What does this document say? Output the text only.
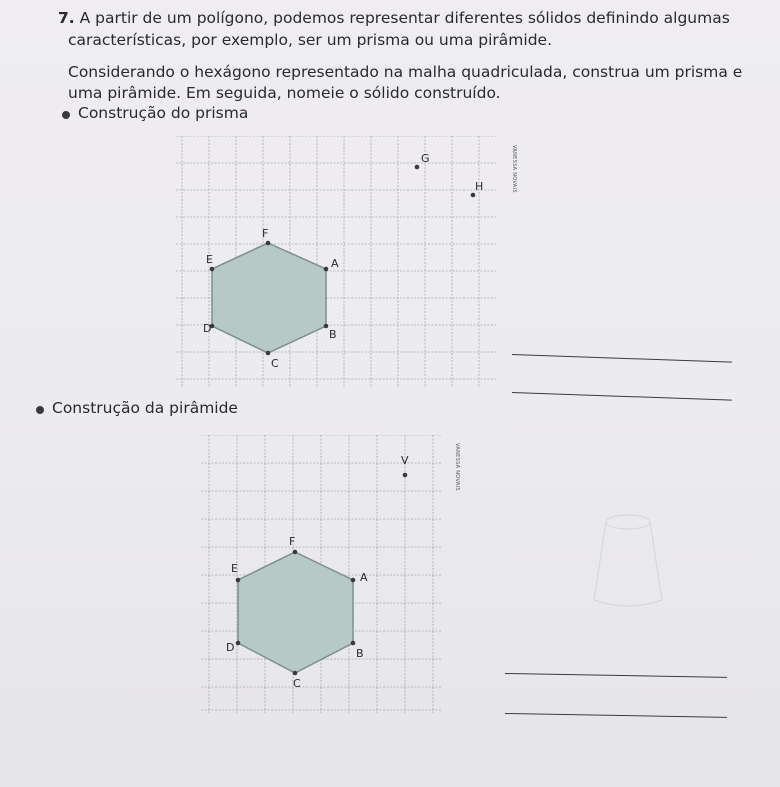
7. A partir de um polígono, podemos representar diferentes sólidos definindo algumas
características, por exemplo, ser um prisma ou uma pirâmide.
Considerando o hexágono representado na malha quadriculada, construa um prisma e
uma pirâmide. Em seguida, nomeie o sólido construído.
Construção do prisma
G
H
F
E	A
D	B
C
VANESSA NOVAIS
Construção da pirâmide
V
F
E
A
D	B
C
VANESSA NOVAIS
